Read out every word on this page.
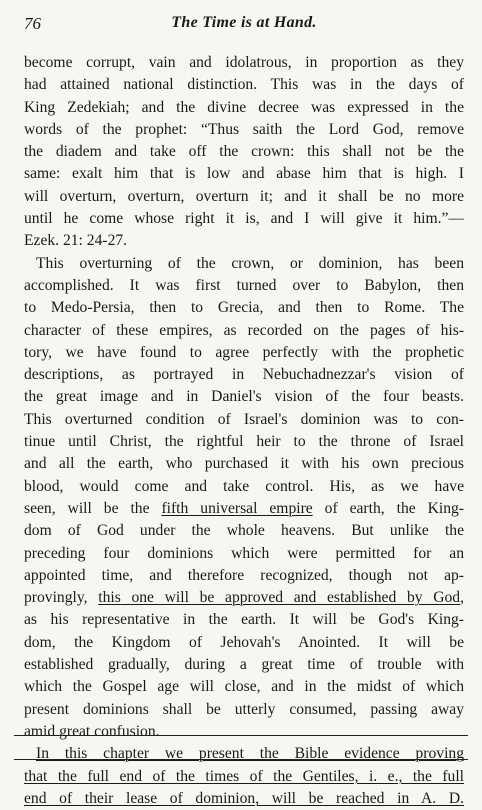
76	The Time is at Hand.
become corrupt, vain and idolatrous, in proportion as they
had attained national distinction. This was in the days of
King Zedekiah; and the divine decree was expressed in the
words of the prophet: “Thus saith the Lord God, remove
the diadem and take off the crown: this shall not be the
same: exalt him that is low and abase him that is high. I
will overturn, overturn, overturn it; and it shall be no more
until he come whose right it is, and I will give it him.”—
Ezek. 21: 24-27.
This overturning of the crown, or dominion, has been
accomplished. It was first turned over to Babylon, then
to Medo-Persia, then to Grecia, and then to Rome. The
character of these empires, as recorded on the pages of his-
tory, we have found to agree perfectly with the prophetic
descriptions, as portrayed in Nebuchadnezzar's vision of
the great image and in Daniel's vision of the four beasts.
This overturned condition of Israel's dominion was to con-
tinue until Christ, the rightful heir to the throne of Israel
and all the earth, who purchased it with his own precious
blood, would come and take control. His, as we have
seen, will be the fifth universal empire of earth, the King-
dom of God under the whole heavens. But unlike the
preceding four dominions which were permitted for an
appointed time, and therefore recognized, though not ap-
provingly, this one will be approved and established by God,
as his representative in the earth. It will be God's King-
dom, the Kingdom of Jehovah's Anointed. It will be
established gradually, during a great time of trouble with
which the Gospel age will close, and in the midst of which
present dominions shall be utterly consumed, passing away
amid great confusion.
In this chapter we present the Bible evidence proving
that the full end of the times of the Gentiles, i. e., the full
end of their lease of dominion, will be reached in A. D.
